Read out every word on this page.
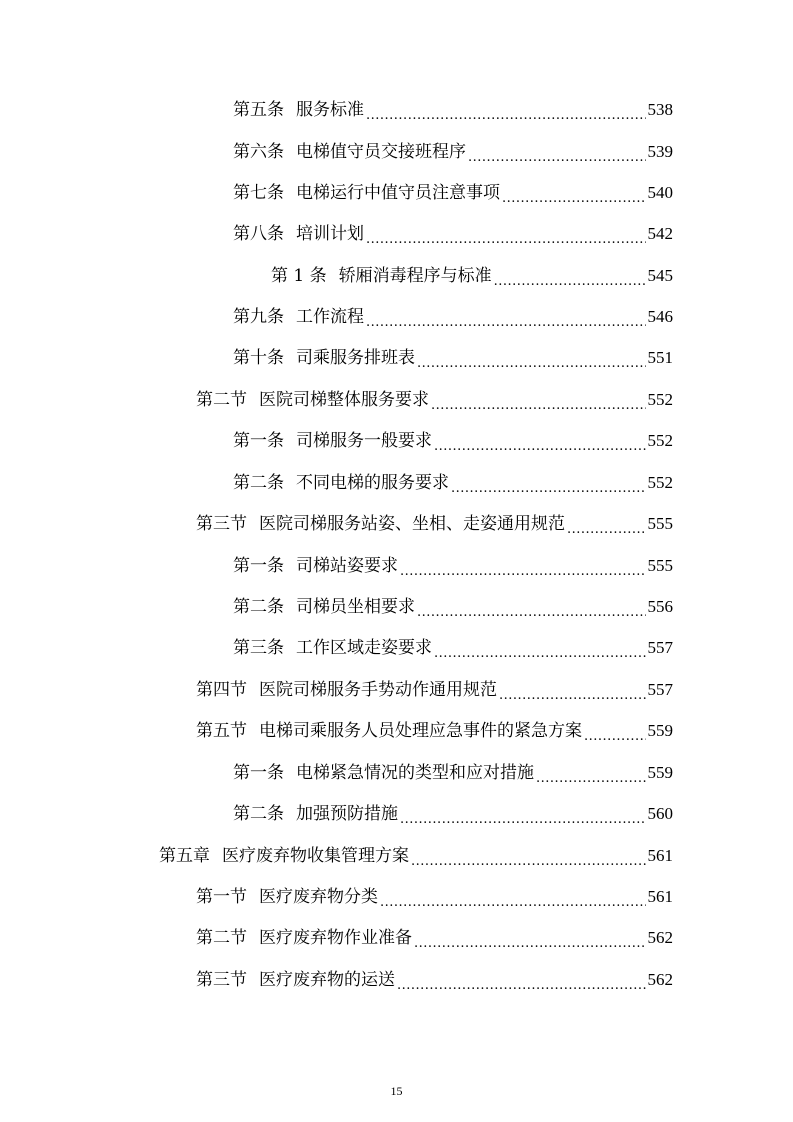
第五条 服务标准 .....	538
第六条 电梯值守员交接班程序 .....	539
第七条 电梯运行中值守员注意事项 .....	540
第八条 培训计划 .....	542
第 1 条 轿厢消毒程序与标准 .....	545
第九条 工作流程 .....	546
第十条 司乘服务排班表 .....	551
第二节 医院司梯整体服务要求 .....	552
第一条 司梯服务一般要求 .....	552
第二条 不同电梯的服务要求 .....	552
第三节 医院司梯服务站姿、坐相、走姿通用规范 .....	555
第一条 司梯站姿要求 .....	555
第二条 司梯员坐相要求 .....	556
第三条 工作区域走姿要求 .....	557
第四节 医院司梯服务手势动作通用规范 .....	557
第五节 电梯司乘服务人员处理应急事件的紧急方案 .....	559
第一条 电梯紧急情况的类型和应对措施 .....	559
第二条 加强预防措施 .....	560
第五章 医疗废弃物收集管理方案 .....	561
第一节 医疗废弃物分类 .....	561
第二节 医疗废弃物作业准备 .....	562
第三节 医疗废弃物的运送 .....	562
15
